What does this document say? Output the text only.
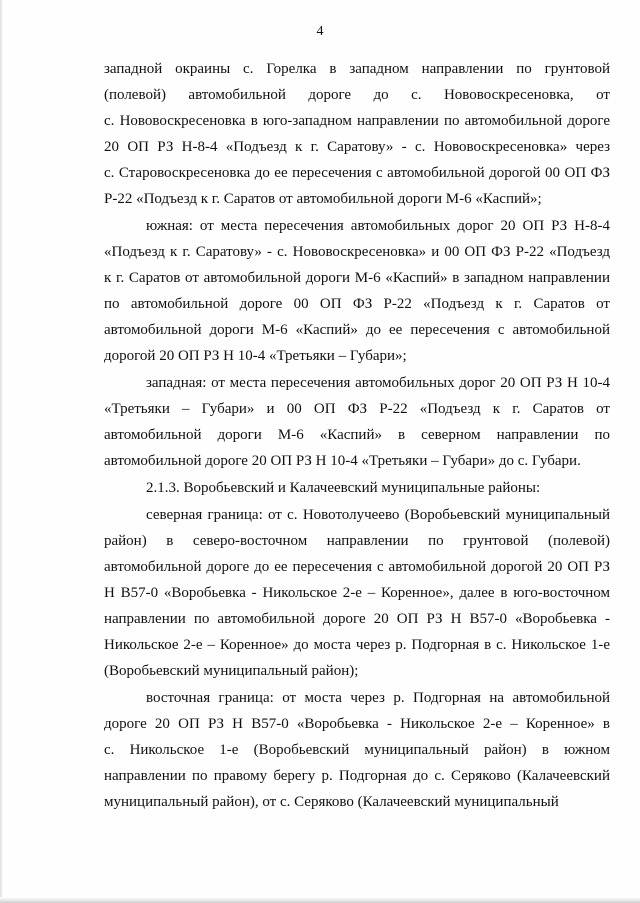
4
западной окраины с. Горелка в западном направлении по грунтовой
(полевой) автомобильной дороге до с. Нововоскресеновка, от
с. Нововоскресеновка в юго-западном направлении по автомобильной дороге
20 ОП РЗ Н-8-4 «Подъезд к г. Саратову» - с. Нововоскресеновка» через
с. Старовоскресеновка до ее пересечения с автомобильной дорогой 00 ОП ФЗ
Р-22 «Подъезд к г. Саратов от автомобильной дороги М-6 «Каспий»;
южная: от места пересечения автомобильных дорог 20 ОП РЗ Н-8-4
«Подъезд к г. Саратову» - с. Нововоскресеновка» и 00 ОП ФЗ Р-22 «Подъезд
к г. Саратов от автомобильной дороги М-6 «Каспий» в западном направлении
по автомобильной дороге 00 ОП ФЗ Р-22 «Подъезд к г. Саратов от
автомобильной дороги М-6 «Каспий» до ее пересечения с автомобильной
дорогой 20 ОП РЗ Н 10-4 «Третьяки – Губари»;
западная: от места пересечения автомобильных дорог 20 ОП РЗ Н 10-4
«Третьяки – Губари» и 00 ОП ФЗ Р-22 «Подъезд к г. Саратов от
автомобильной дороги М-6 «Каспий» в северном направлении по
автомобильной дороге 20 ОП РЗ Н 10-4 «Третьяки – Губари» до с. Губари.
2.1.3. Воробьевский и Калачеевский муниципальные районы:
северная граница: от с. Новотолучеево (Воробьевский муниципальный
район) в северо-восточном направлении по грунтовой (полевой)
автомобильной дороге до ее пересечения с автомобильной дорогой 20 ОП РЗ
Н В57-0 «Воробьевка - Никольское 2-е – Коренное», далее в юго-восточном
направлении по автомобильной дороге 20 ОП РЗ Н В57-0 «Воробьевка -
Никольское 2-е – Коренное» до моста через р. Подгорная в с. Никольское 1-е
(Воробьевский муниципальный район);
восточная граница: от моста через р. Подгорная на автомобильной
дороге 20 ОП РЗ Н В57-0 «Воробьевка - Никольское 2-е – Коренное» в
с. Никольское 1-е (Воробьевский муниципальный район) в южном
направлении по правому берегу р. Подгорная до с. Серяково (Калачеевский
муниципальный район), от с. Серяково (Калачеевский муниципальный
